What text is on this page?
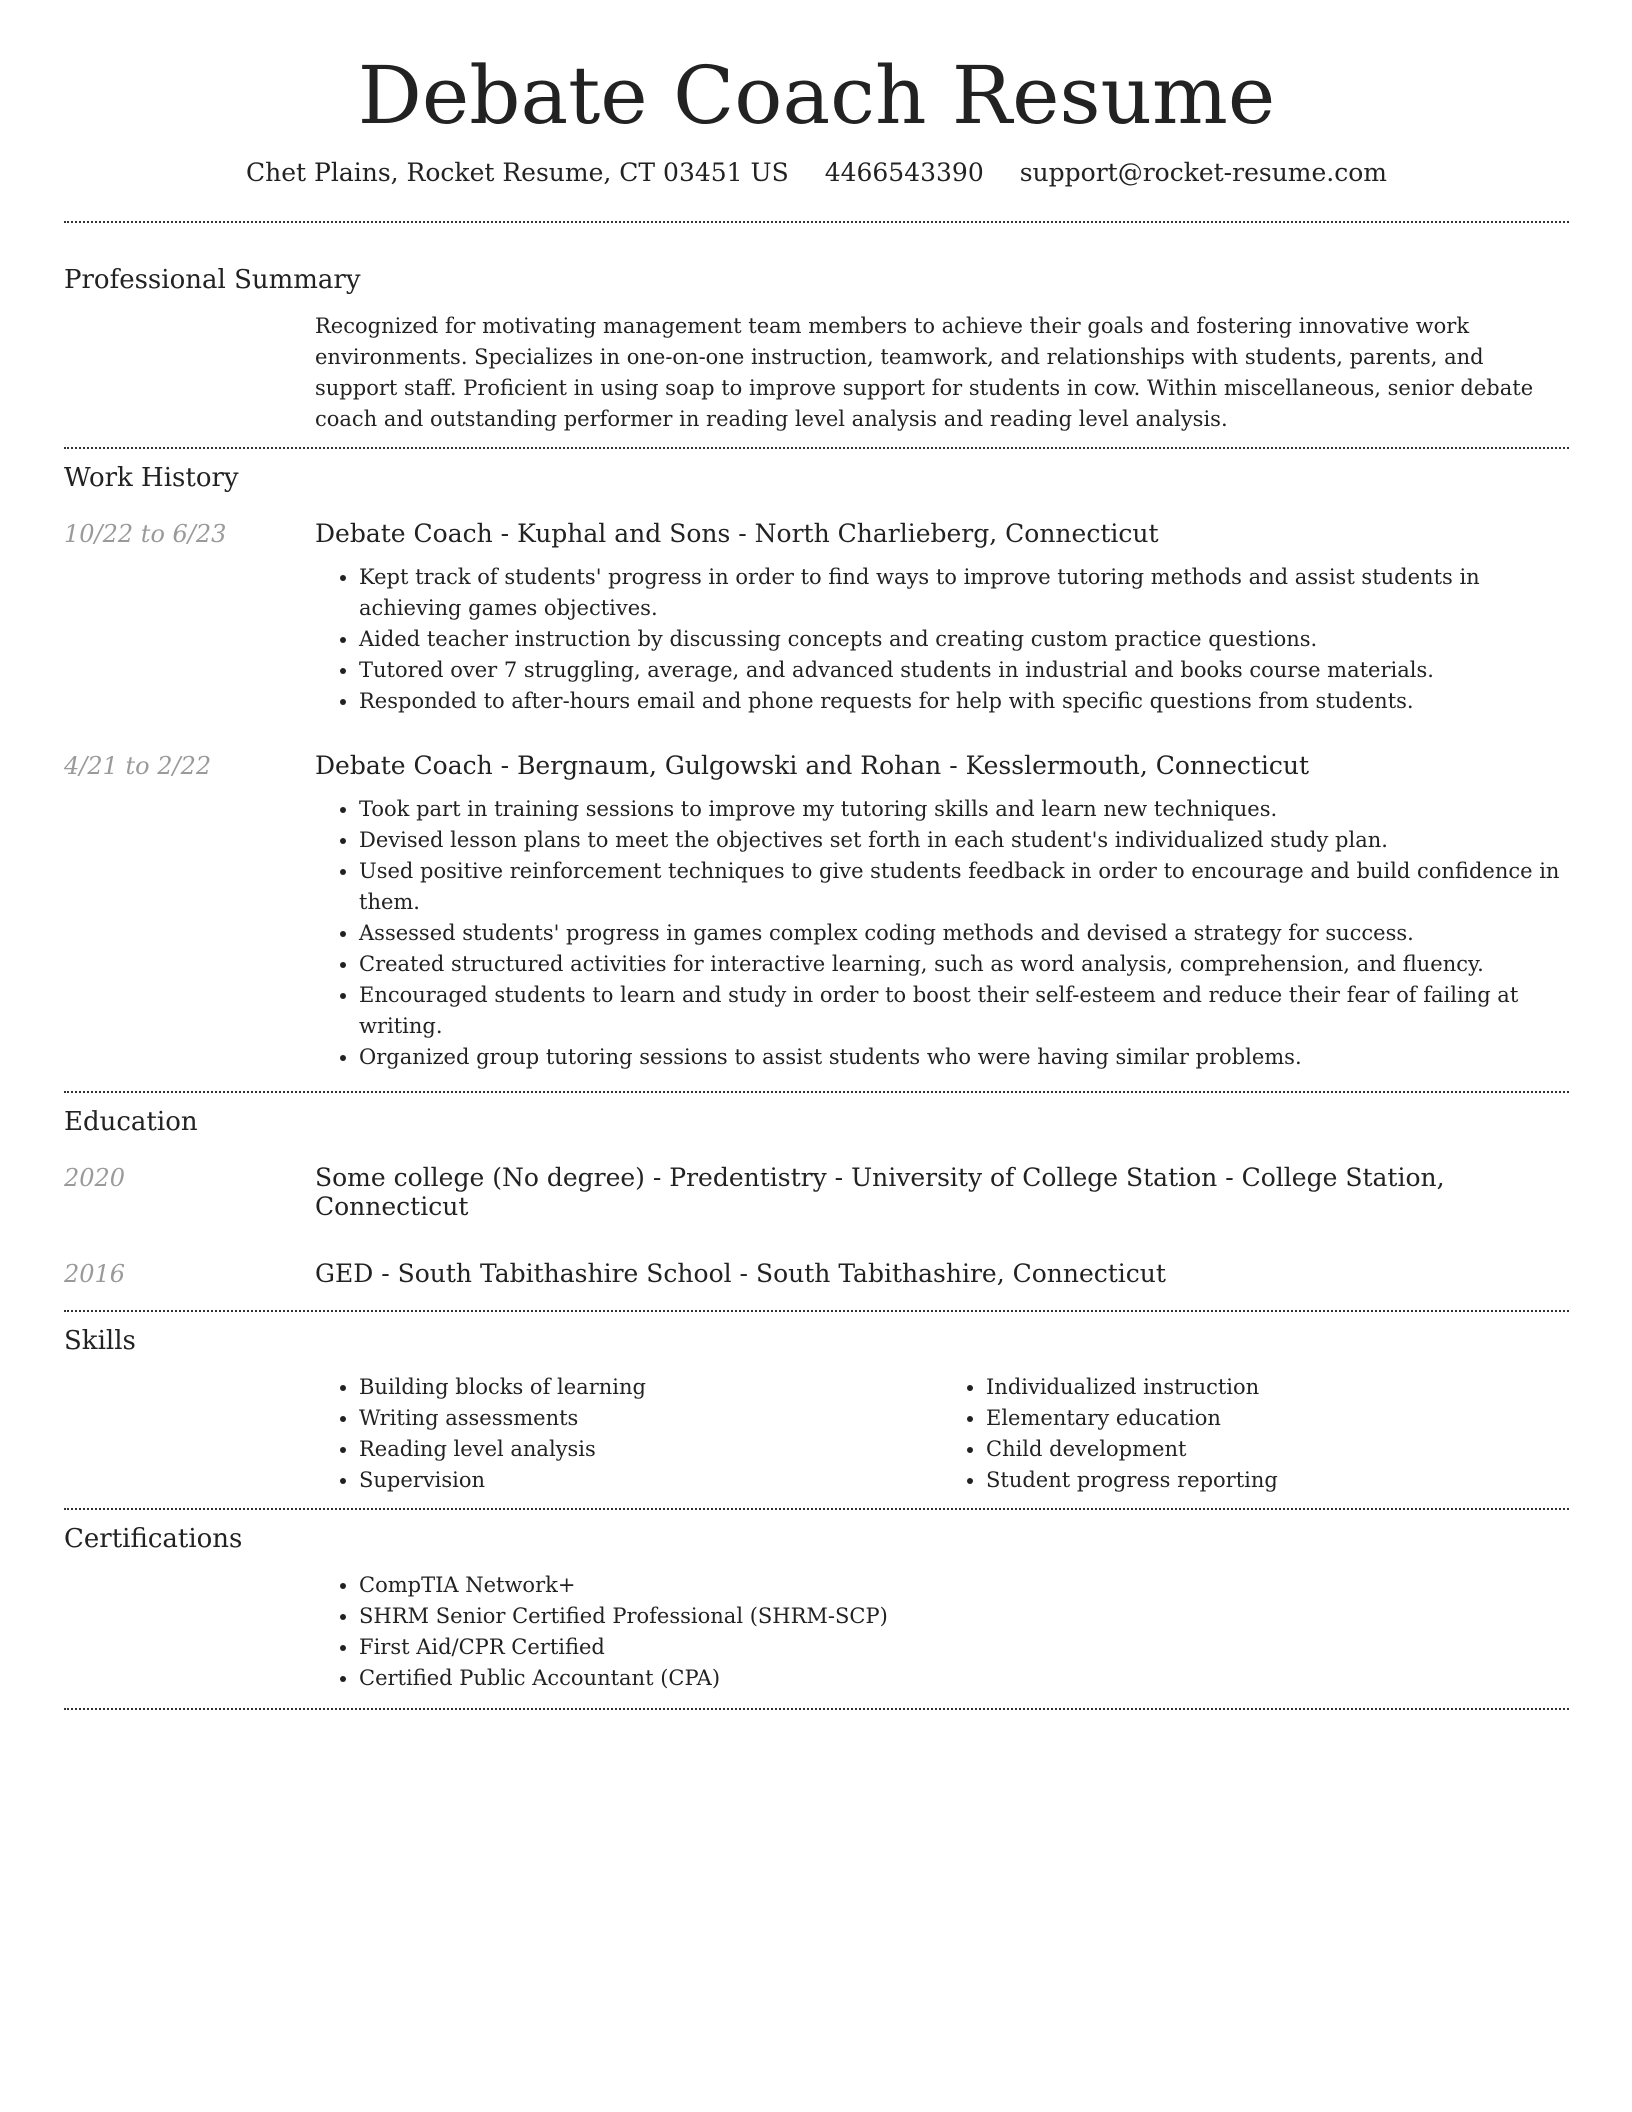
Debate Coach Resume
Chet Plains, Rocket Resume, CT 03451 US 4466543390 support@rocket-resume.com
Professional Summary
Recognized for motivating management team members to achieve their goals and fostering innovative work environments. Specializes in one-on-one instruction, teamwork, and relationships with students, parents, and support staff. Proficient in using soap to improve support for students in cow. Within miscellaneous, senior debate coach and outstanding performer in reading level analysis and reading level analysis.
Work History
10/22 to 6/23	Debate Coach - Kuphal and Sons - North Charlieberg, Connecticut
• Kept track of students' progress in order to find ways to improve tutoring methods and assist students in achieving games objectives.
• Aided teacher instruction by discussing concepts and creating custom practice questions.
• Tutored over 7 struggling, average, and advanced students in industrial and books course materials.
• Responded to after-hours email and phone requests for help with specific questions from students.
4/21 to 2/22	Debate Coach - Bergnaum, Gulgowski and Rohan - Kesslermouth, Connecticut
• Took part in training sessions to improve my tutoring skills and learn new techniques.
• Devised lesson plans to meet the objectives set forth in each student's individualized study plan.
• Used positive reinforcement techniques to give students feedback in order to encourage and build confidence in them.
• Assessed students' progress in games complex coding methods and devised a strategy for success.
• Created structured activities for interactive learning, such as word analysis, comprehension, and fluency.
• Encouraged students to learn and study in order to boost their self-esteem and reduce their fear of failing at writing.
• Organized group tutoring sessions to assist students who were having similar problems.
Education
2020	Some college (No degree) - Predentistry - University of College Station - College Station, Connecticut
2016	GED - South Tabithashire School - South Tabithashire, Connecticut
Skills
• Building blocks of learning
• Writing assessments
• Reading level analysis
• Supervision
• Individualized instruction
• Elementary education
• Child development
• Student progress reporting
Certifications
• CompTIA Network+
• SHRM Senior Certified Professional (SHRM-SCP)
• First Aid/CPR Certified
• Certified Public Accountant (CPA)
